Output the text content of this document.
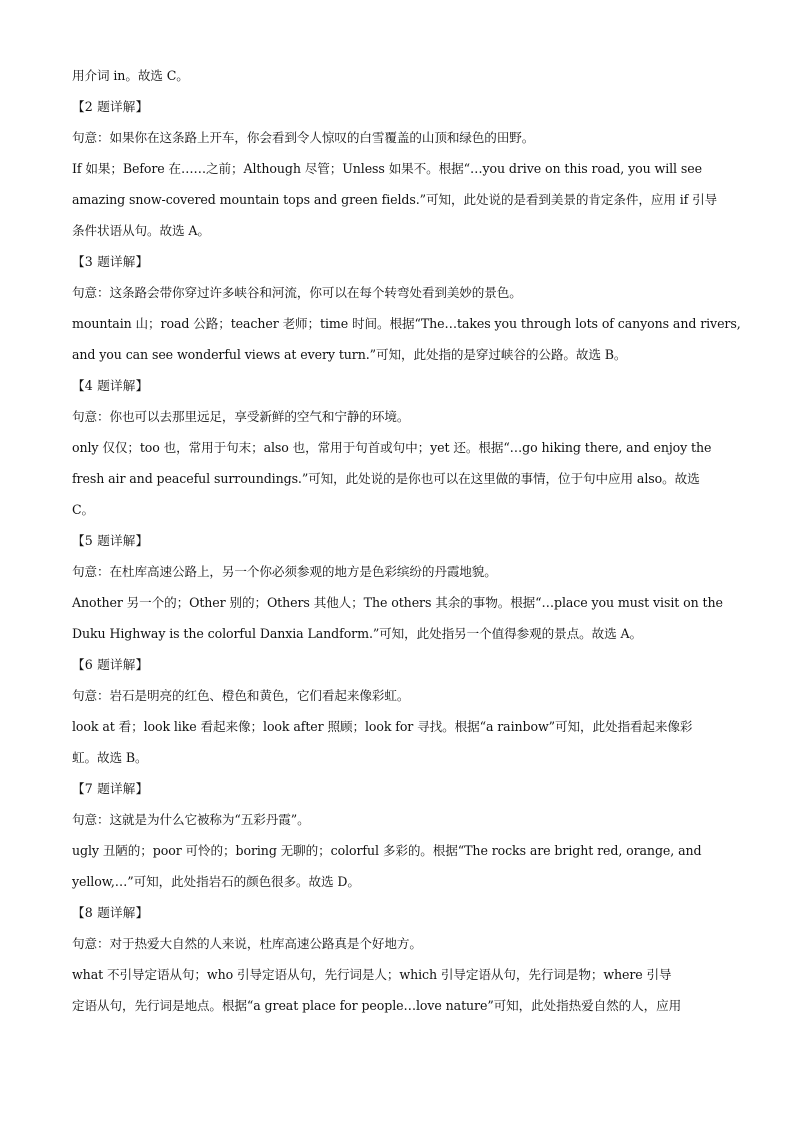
用介词 in。故选 C。
【2 题详解】
句意：如果你在这条路上开车，你会看到令人惊叹的白雪覆盖的山顶和绿色的田野。
If 如果；Before 在……之前；Although 尽管；Unless 如果不。根据“…you drive on this road, you will see
amazing snow-covered mountain tops and green fields.”可知，此处说的是看到美景的肯定条件，应用 if 引导
条件状语从句。故选 A。
【3 题详解】
句意：这条路会带你穿过许多峡谷和河流，你可以在每个转弯处看到美妙的景色。
mountain 山；road 公路；teacher 老师；time 时间。根据“The…takes you through lots of canyons and rivers,
and you can see wonderful views at every turn.”可知，此处指的是穿过峡谷的公路。故选 B。
【4 题详解】
句意：你也可以去那里远足，享受新鲜的空气和宁静的环境。
only 仅仅；too 也，常用于句末；also 也，常用于句首或句中；yet 还。根据“…go hiking there, and enjoy the
fresh air and peaceful surroundings.”可知，此处说的是你也可以在这里做的事情，位于句中应用 also。故选
C。
【5 题详解】
句意：在杜库高速公路上，另一个你必须参观的地方是色彩缤纷的丹霞地貌。
Another 另一个的；Other 别的；Others 其他人；The others 其余的事物。根据“…place you must visit on the
Duku Highway is the colorful Danxia Landform.”可知，此处指另一个值得参观的景点。故选 A。
【6 题详解】
句意：岩石是明亮的红色、橙色和黄色，它们看起来像彩虹。
look at 看；look like 看起来像；look after 照顾；look for 寻找。根据“a rainbow”可知，此处指看起来像彩
虹。故选 B。
【7 题详解】
句意：这就是为什么它被称为“五彩丹霞”。
ugly 丑陋的；poor 可怜的；boring 无聊的；colorful 多彩的。根据“The rocks are bright red, orange, and
yellow,…”可知，此处指岩石的颜色很多。故选 D。
【8 题详解】
句意：对于热爱大自然的人来说，杜库高速公路真是个好地方。
what 不引导定语从句；who 引导定语从句，先行词是人；which 引导定语从句，先行词是物；where 引导
定语从句，先行词是地点。根据“a great place for people…love nature”可知，此处指热爱自然的人，应用
